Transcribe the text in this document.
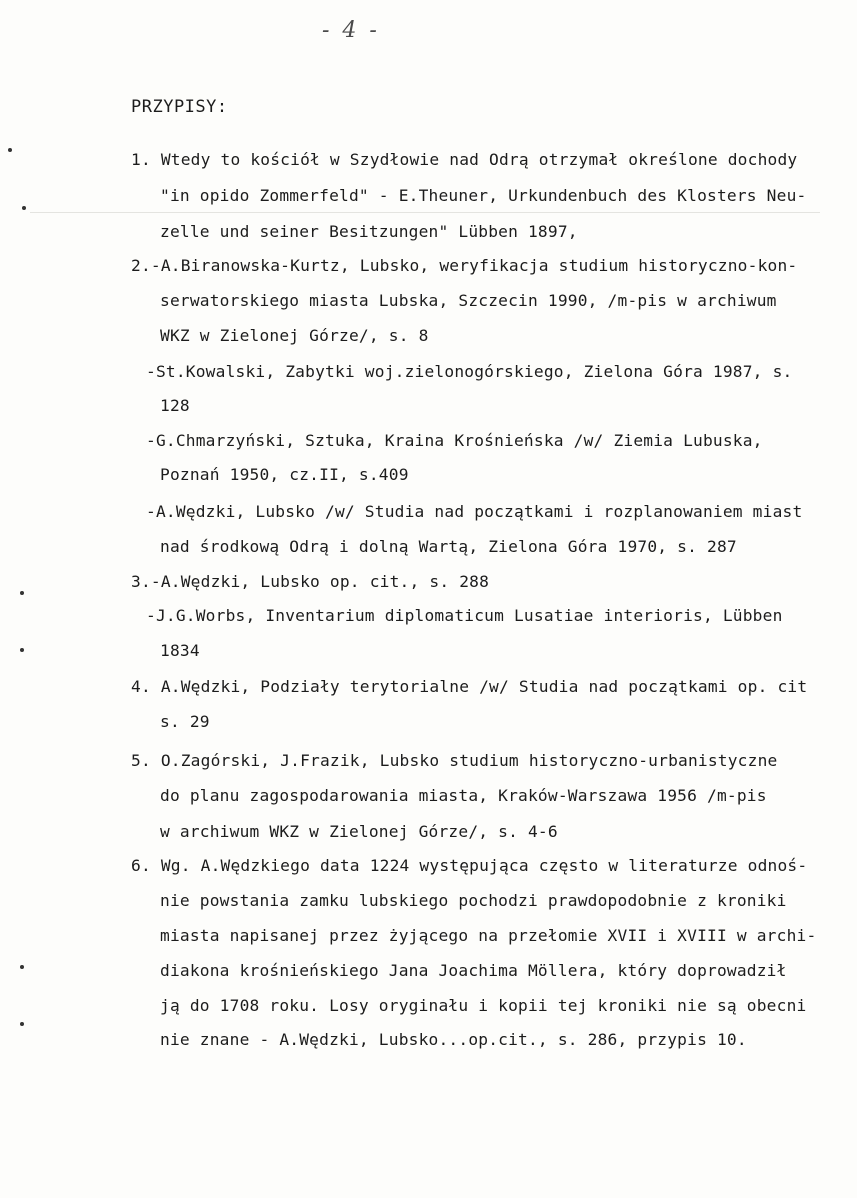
- 4 -
PRZYPISY:
1. Wtedy to kościół w Szydłowie nad Odrą otrzymał określone dochody
"in opido Zommerfeld" - E.Theuner, Urkundenbuch des Klosters Neu-
zelle und seiner Besitzungen" Lübben 1897,
2.-A.Biranowska-Kurtz, Lubsko, weryfikacja studium historyczno-kon-
serwatorskiego miasta Lubska, Szczecin 1990, /m-pis w archiwum
WKZ w Zielonej Górze/, s. 8
-St.Kowalski, Zabytki woj.zielonogórskiego, Zielona Góra 1987, s.
128
-G.Chmarzyński, Sztuka, Kraina Krośnieńska /w/ Ziemia Lubuska,
Poznań 1950, cz.II, s.409
-A.Wędzki, Lubsko /w/ Studia nad początkami i rozplanowaniem miast
nad środkową Odrą i dolną Wartą, Zielona Góra 1970, s. 287
3.-A.Wędzki, Lubsko op. cit., s. 288
-J.G.Worbs, Inventarium diplomaticum Lusatiae interioris, Lübben
1834
4. A.Wędzki, Podziały terytorialne /w/ Studia nad początkami op. cit
s. 29
5. O.Zagórski, J.Frazik, Lubsko studium historyczno-urbanistyczne
do planu zagospodarowania miasta, Kraków-Warszawa 1956 /m-pis
w archiwum WKZ w Zielonej Górze/, s. 4-6
6. Wg. A.Wędzkiego data 1224 występująca często w literaturze odnoś-
nie powstania zamku lubskiego pochodzi prawdopodobnie z kroniki
miasta napisanej przez żyjącego na przełomie XVII i XVIII w archi-
diakona krośnieńskiego Jana Joachima Möllera, który doprowadził
ją do 1708 roku. Losy oryginału i kopii tej kroniki nie są obecni
nie znane - A.Wędzki, Lubsko...op.cit., s. 286, przypis 10.
